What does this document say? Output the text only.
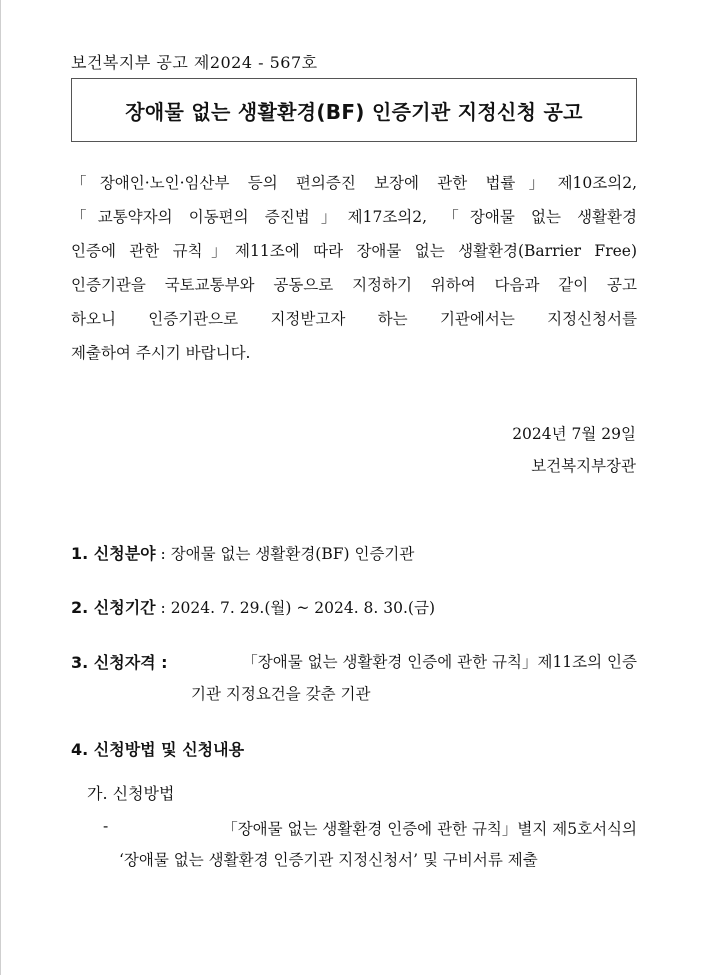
보건복지부 공고 제2024 - 567호
장애물 없는 생활환경(BF) 인증기관 지정신청 공고
「장애인·노인·임산부 등의 편의증진 보장에 관한 법률」제10조의2,
「교통약자의 이동편의 증진법」제17조의2, 「장애물 없는 생활환경
인증에 관한 규칙」제11조에 따라 장애물 없는 생활환경(Barrier Free)
인증기관을 국토교통부와 공동으로 지정하기 위하여 다음과 같이 공고
하오니 인증기관으로 지정받고자 하는 기관에서는 지정신청서를
제출하여 주시기 바랍니다.
2024년 7월 29일
보건복지부장관
1. 신청분야 : 장애물 없는 생활환경(BF) 인증기관
2. 신청기간 : 2024. 7. 29.(월) ~ 2024. 8. 30.(금)
3. 신청자격 :	「장애물 없는 생활환경 인증에 관한 규칙」제11조의 인증
기관 지정요건을 갖춘 기관
4. 신청방법 및 신청내용
가. 신청방법
-	「장애물 없는 생활환경 인증에 관한 규칙」별지 제5호서식의
‘장애물 없는 생활환경 인증기관 지정신청서’ 및 구비서류 제출
